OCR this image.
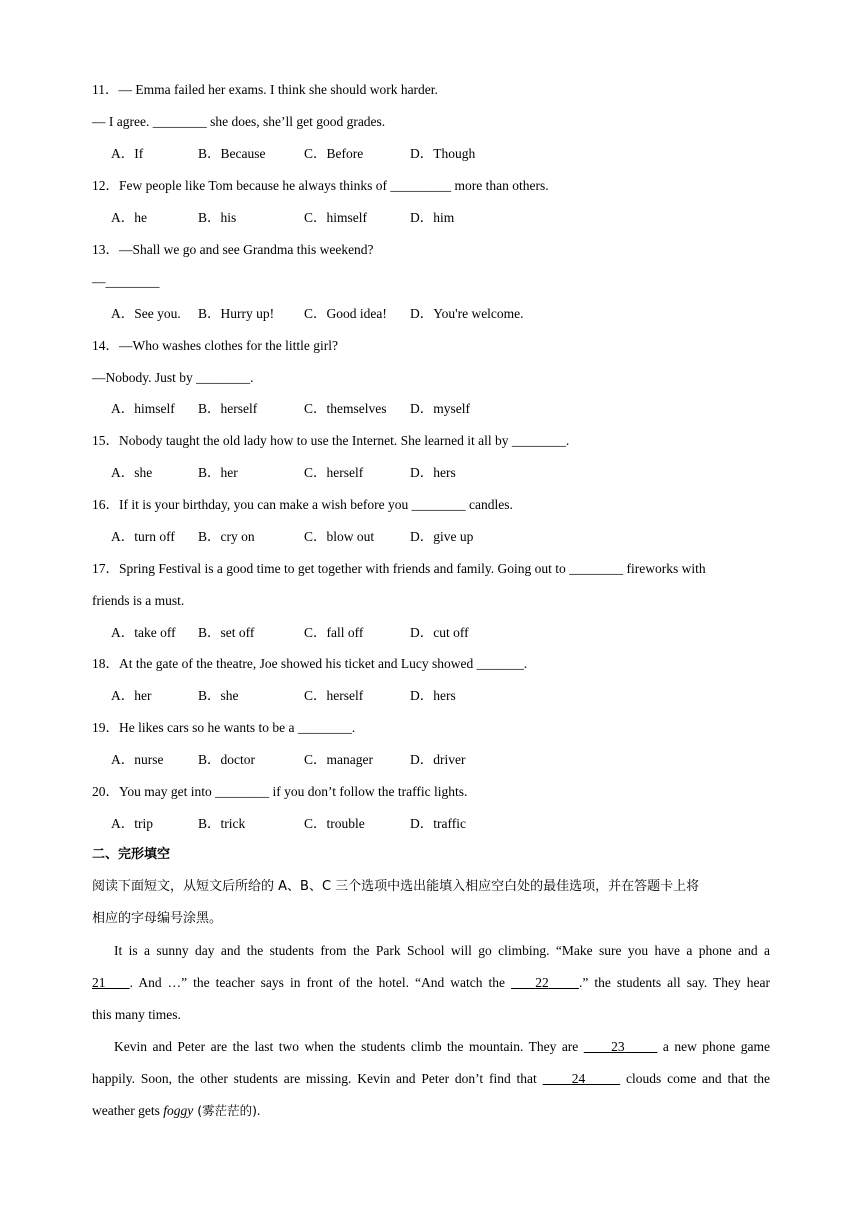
11．— Emma failed her exams. I think she should work harder.
— I agree. ________ she does, she’ll get good grades.
A．If	B．Because	C．Before	D．Though
12．Few people like Tom because he always thinks of _________ more than others.
A．he	B．his	C．himself	D．him
13．—Shall we go and see Grandma this weekend?
—________
A．See you. B．Hurry up! C．Good idea! D．You're welcome.
14．—Who washes clothes for the little girl?
—Nobody. Just by ________.
A．himself B．herself	C．themselves D．myself
15．Nobody taught the old lady how to use the Internet. She learned it all by ________.
A．she	B．her	C．herself	D．hers
16．If it is your birthday, you can make a wish before you ________ candles.
A．turn off B．cry on	C．blow out	D．give up
17．Spring Festival is a good time to get together with friends and family. Going out to ________ fireworks with
friends is a must.
A．take off B．set off	C．fall off	D．cut off
18．At the gate of the theatre, Joe showed his ticket and Lucy showed _______.
A．her	B．she	C．herself	D．hers
19．He likes cars so he wants to be a ________.
A．nurse	B．doctor	C．manager	D．driver
20．You may get into ________ if you don’t follow the traffic lights.
A．trip	B．trick	C．trouble	D．traffic
二、完形填空
阅读下面短文，从短文后所给的 A、B、C 三个选项中选出能填入相应空白处的最佳选项，并在答题卡上将
相应的字母编号涂黑。
It is a sunny day and the students from the Park School will go climbing. “Make sure you have a phone and a
21 . And …” the teacher says in front of the hotel. “And watch the     22 .” the students all say. They hear
this many times.
Kevin and Peter are the last two when the students climb the mountain. They are      23       a new phone game
happily. Soon, the other students are missing. Kevin and Peter don’t find that      24	clouds come and that the
weather gets foggy (雾茫茫的).
